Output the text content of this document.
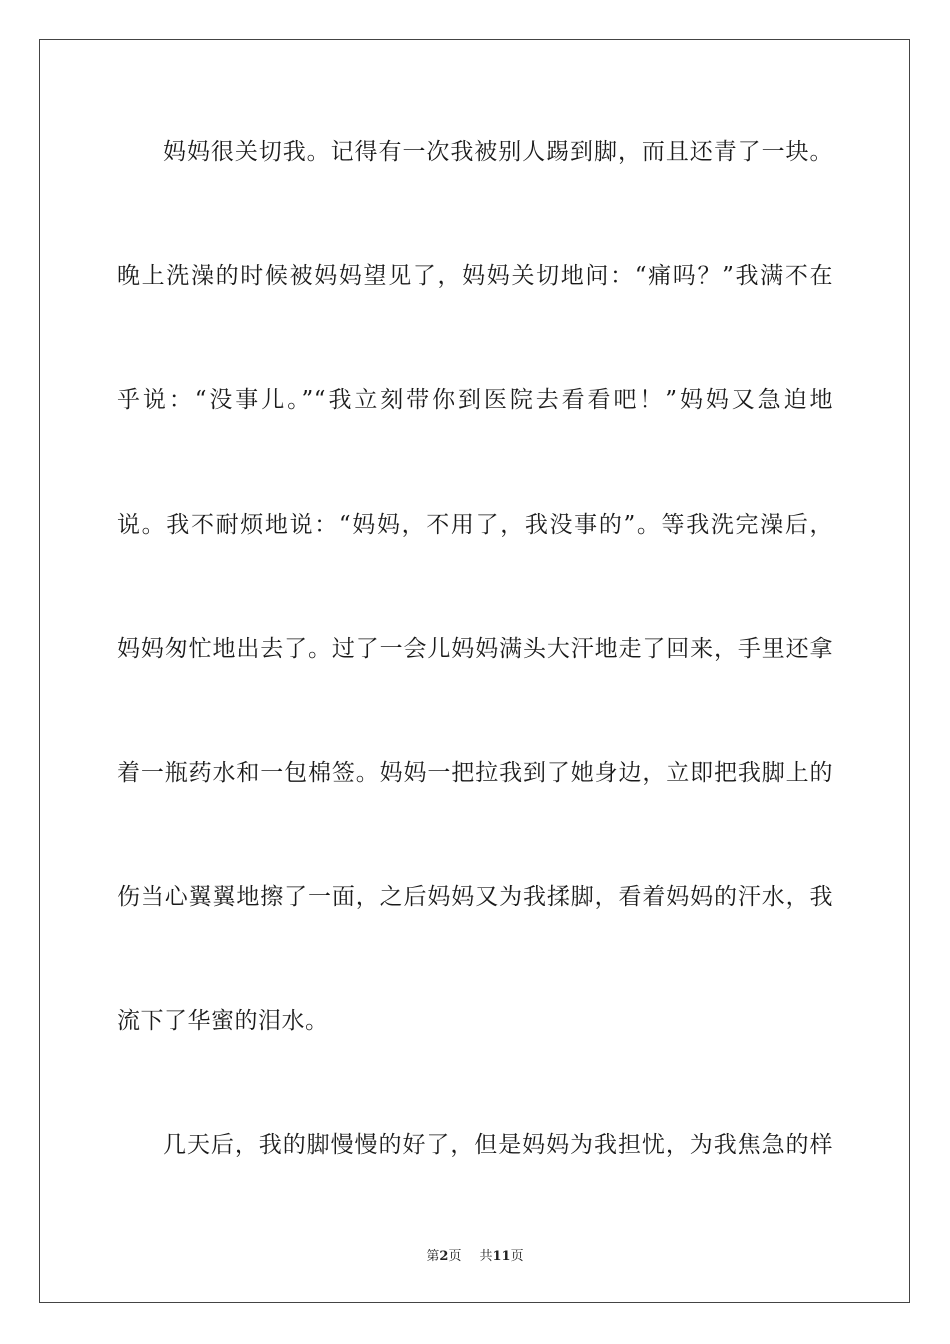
妈妈很关切我。记得有一次我被别人踢到脚，而且还青了一块。
晚上洗澡的时候被妈妈望见了，妈妈关切地问：“痛吗？”我满不在
乎说：“没事儿。”“我立刻带你到医院去看看吧！”妈妈又急迫地
说。我不耐烦地说：“妈妈，不用了，我没事的”。等我洗完澡后，
妈妈匆忙地出去了。过了一会儿妈妈满头大汗地走了回来，手里还拿
着一瓶药水和一包棉签。妈妈一把拉我到了她身边，立即把我脚上的
伤当心翼翼地擦了一面，之后妈妈又为我揉脚，看着妈妈的汗水，我
流下了华蜜的泪水。
几天后，我的脚慢慢的好了，但是妈妈为我担忧，为我焦急的样
第2页 共11页
